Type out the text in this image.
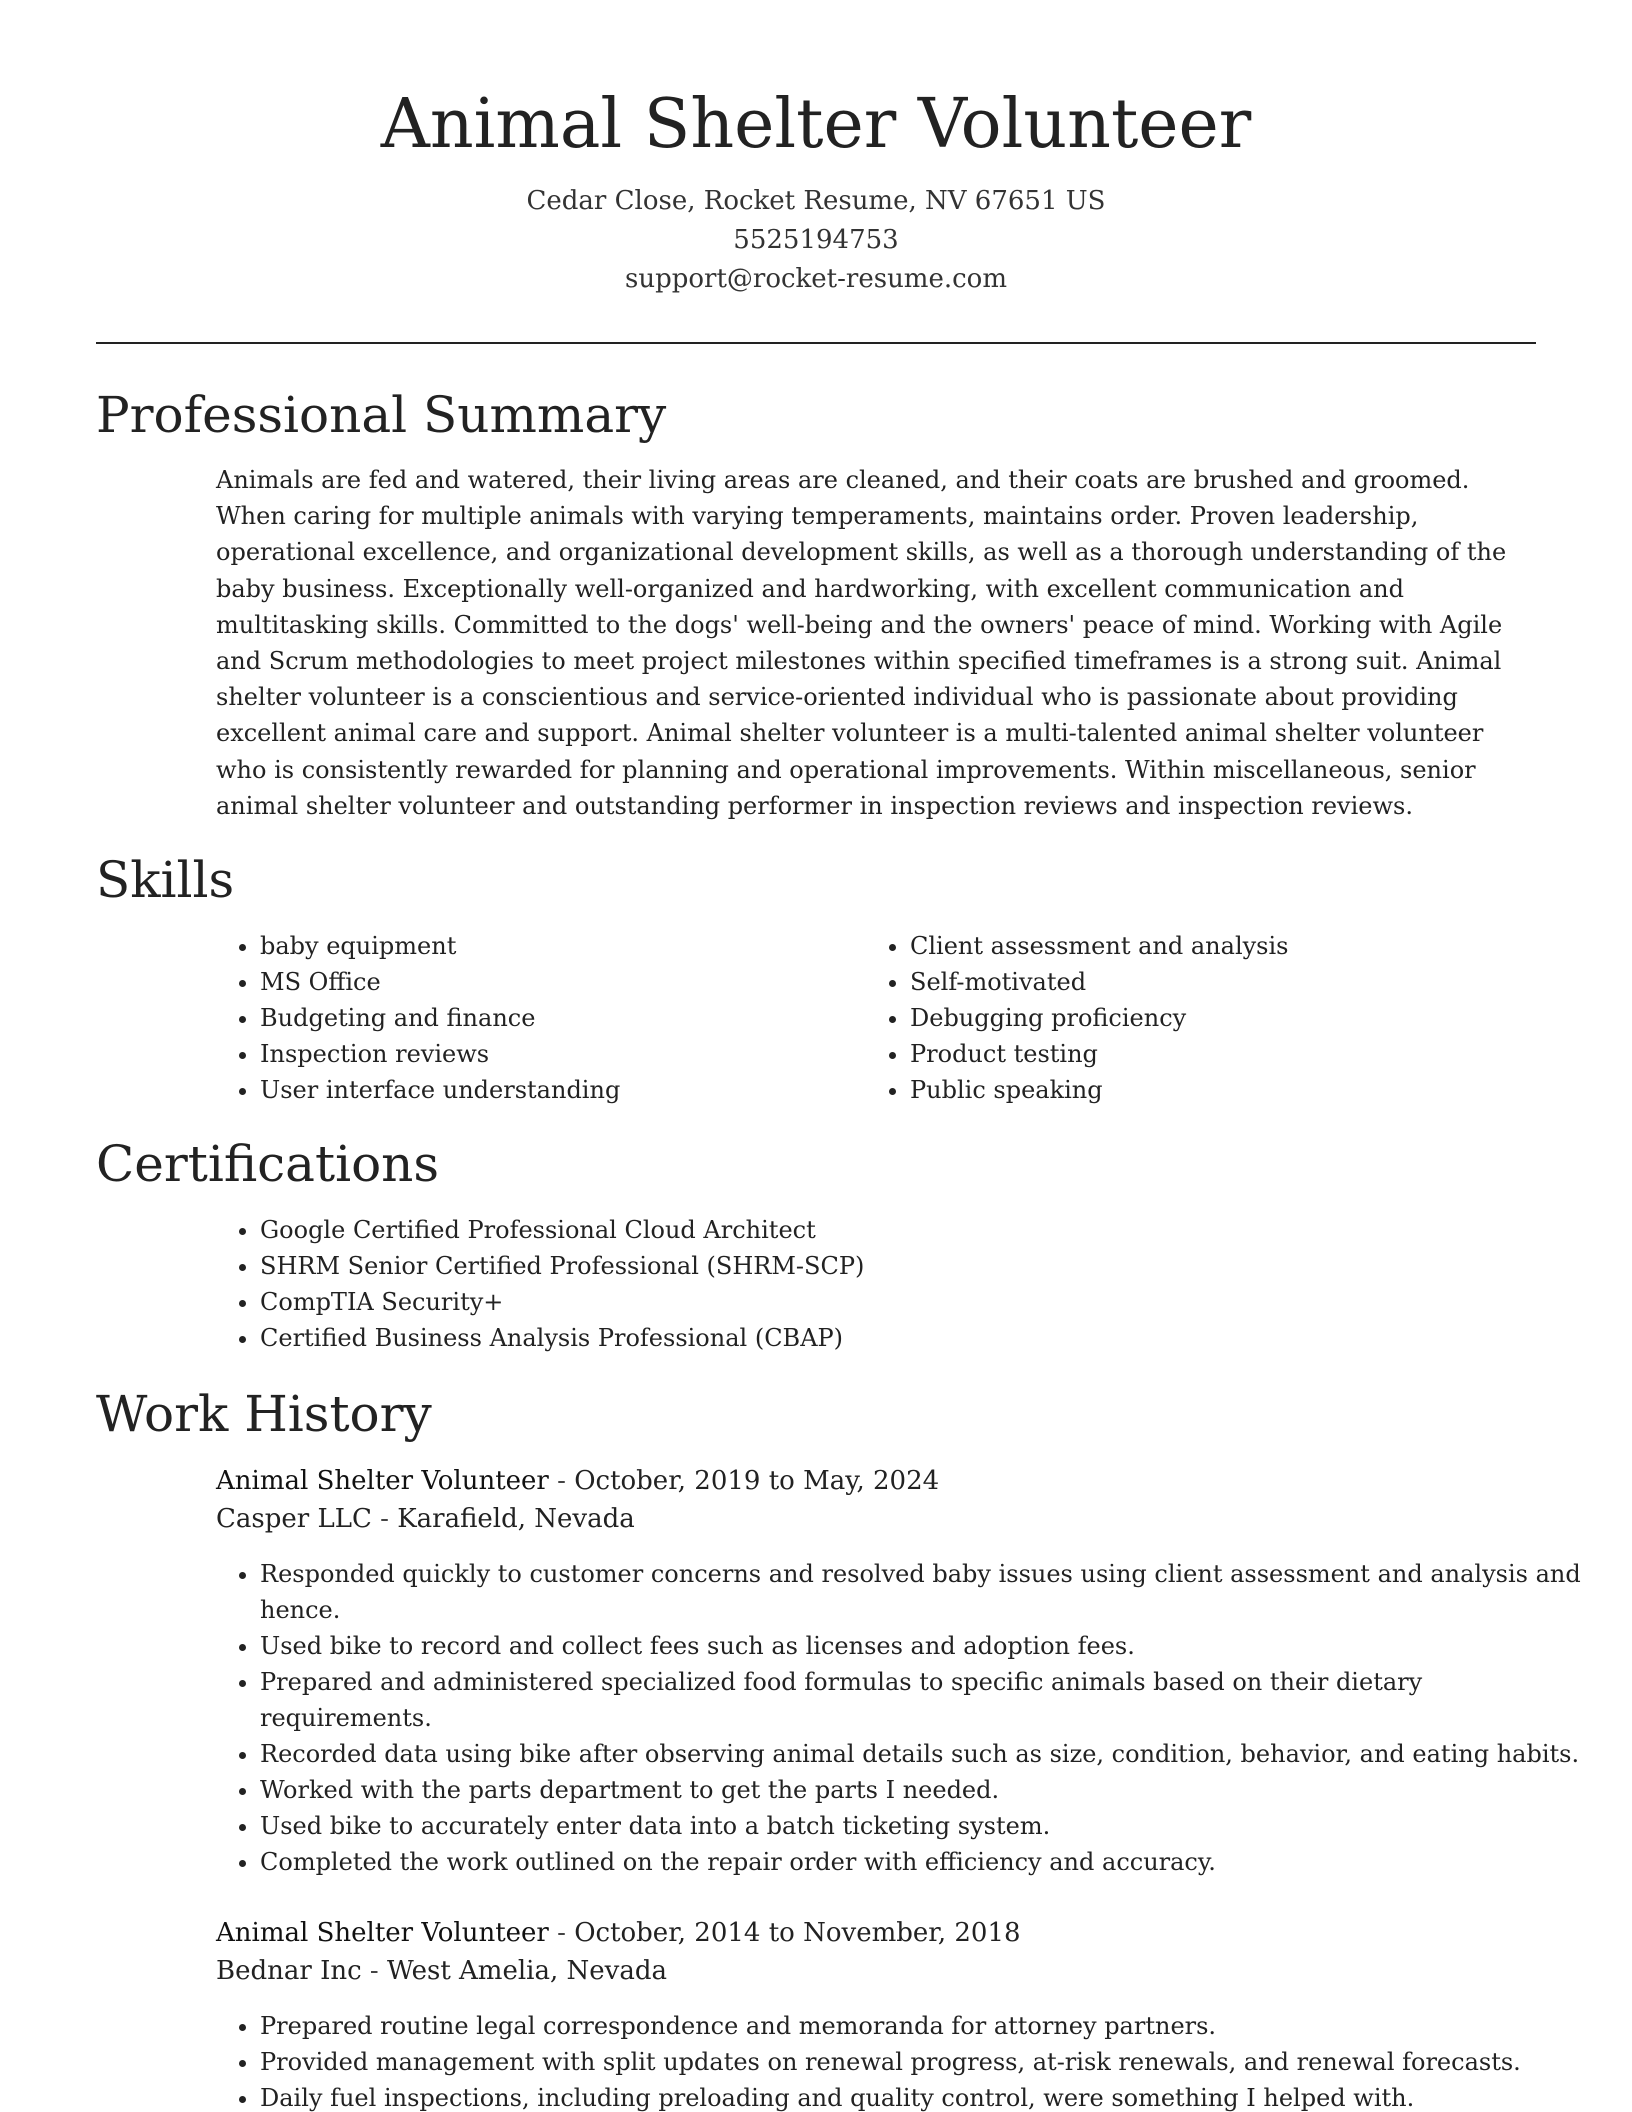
Animal Shelter Volunteer
Cedar Close, Rocket Resume, NV 67651 US
5525194753
support@rocket-resume.com
Professional Summary
Animals are fed and watered, their living areas are cleaned, and their coats are brushed and groomed. When caring for multiple animals with varying temperaments, maintains order. Proven leadership, operational excellence, and organizational development skills, as well as a thorough understanding of the baby business. Exceptionally well-organized and hardworking, with excellent communication and multitasking skills. Committed to the dogs' well-being and the owners' peace of mind. Working with Agile and Scrum methodologies to meet project milestones within specified timeframes is a strong suit. Animal shelter volunteer is a conscientious and service-oriented individual who is passionate about providing excellent animal care and support. Animal shelter volunteer is a multi-talented animal shelter volunteer who is consistently rewarded for planning and operational improvements. Within miscellaneous, senior animal shelter volunteer and outstanding performer in inspection reviews and inspection reviews.
Skills
• baby equipment
• MS Office
• Budgeting and finance
• Inspection reviews
• User interface understanding
• Client assessment and analysis
• Self-motivated
• Debugging proficiency
• Product testing
• Public speaking
Certifications
• Google Certified Professional Cloud Architect
• SHRM Senior Certified Professional (SHRM-SCP)
• CompTIA Security+
• Certified Business Analysis Professional (CBAP)
Work History
Animal Shelter Volunteer - October, 2019 to May, 2024
Casper LLC - Karafield, Nevada
• Responded quickly to customer concerns and resolved baby issues using client assessment and analysis and hence.
• Used bike to record and collect fees such as licenses and adoption fees.
• Prepared and administered specialized food formulas to specific animals based on their dietary requirements.
• Recorded data using bike after observing animal details such as size, condition, behavior, and eating habits.
• Worked with the parts department to get the parts I needed.
• Used bike to accurately enter data into a batch ticketing system.
• Completed the work outlined on the repair order with efficiency and accuracy.
Animal Shelter Volunteer - October, 2014 to November, 2018
Bednar Inc - West Amelia, Nevada
• Prepared routine legal correspondence and memoranda for attorney partners.
• Provided management with split updates on renewal progress, at-risk renewals, and renewal forecasts.
• Daily fuel inspections, including preloading and quality control, were something I helped with.
